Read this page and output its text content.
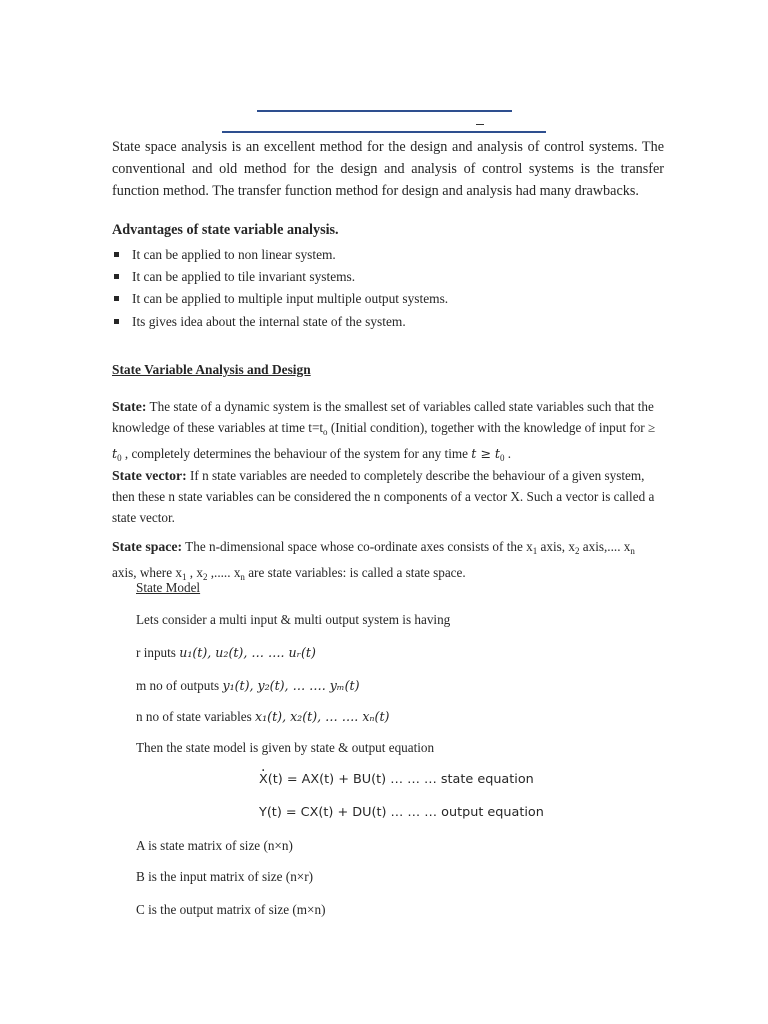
State space analysis is an excellent method for the design and analysis of control systems. The conventional and old method for the design and analysis of control systems is the transfer function method. The transfer function method for design and analysis had many drawbacks.

Advantages of state variable analysis.

It can be applied to non linear system.
It can be applied to tile invariant systems.
It can be applied to multiple input multiple output systems.
Its gives idea about the internal state of the system.

State Variable Analysis and Design

State: The state of a dynamic system is the smallest set of variables called state variables such that the knowledge of these variables at time $t=t_o$ (Initial condition), together with the knowledge of input for ≥ $t_0$ , completely determines the behaviour of the system for any time $t \ge t_0$ .

State vector: If n state variables are needed to completely describe the behaviour of a given system, then these n state variables can be considered the n components of a vector X. Such a vector is called a state vector.

State space: The n-dimensional space whose co-ordinate axes consists of the $x_1$ axis, $x_2$ axis,.... $x_n$ axis, where $x_1$ , $x_2$ ,..... $x_n$ are state variables: is called a state space.

State Model

Lets consider a multi input & multi output system is having

r inputs u₁(t), u₂(t), … …. uᵣ(t)

m no of outputs y₁(t), y₂(t), … …. yₘ(t)

n no of state variables x₁(t), x₂(t), … …. xₙ(t)

Then the state model is given by state & output equation

· X(t) = AX(t) + BU(t) … … … state equation

Y(t) = CX(t) + DU(t) … … … output equation

A is state matrix of size (n×n)

B is the input matrix of size (n×r)

C is the output matrix of size (m×n)
